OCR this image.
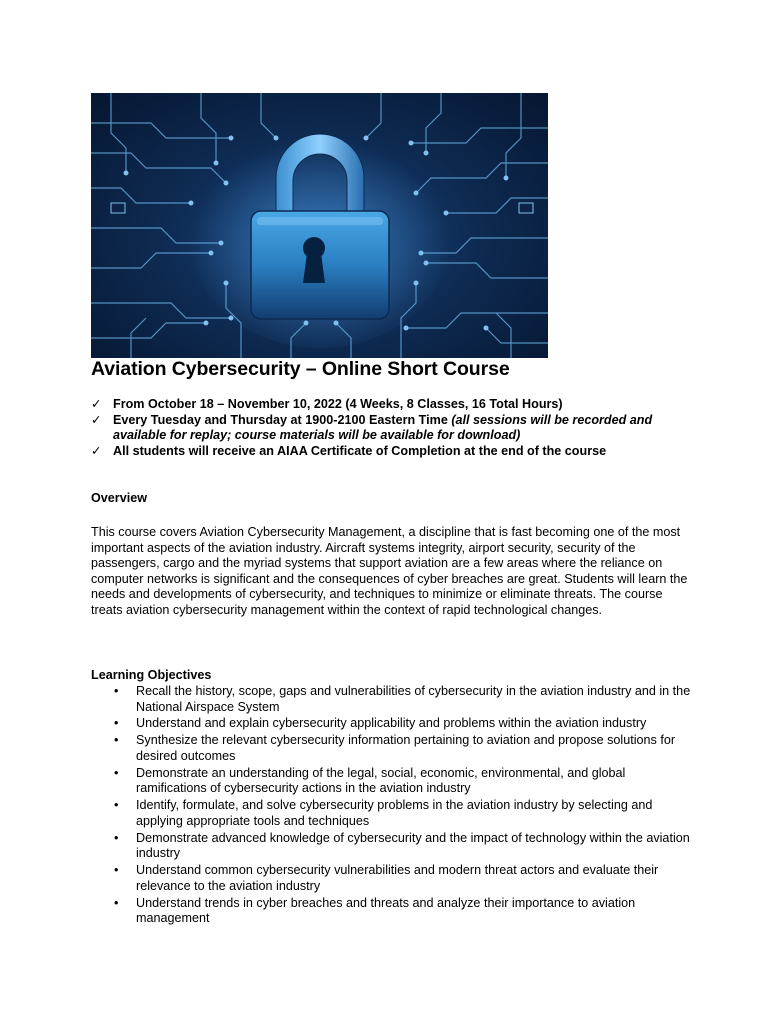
Aviation Cybersecurity – Online Short Course
✓ From October 18 – November 10, 2022 (4 Weeks, 8 Classes, 16 Total Hours)
✓ Every Tuesday and Thursday at 1900-2100 Eastern Time (all sessions will be recorded and available for replay; course materials will be available for download)
✓ All students will receive an AIAA Certificate of Completion at the end of the course
Overview

This course covers Aviation Cybersecurity Management, a discipline that is fast becoming one of the most important aspects of the aviation industry. Aircraft systems integrity, airport security, security of the passengers, cargo and the myriad systems that support aviation are a few areas where the reliance on computer networks is significant and the consequences of cyber breaches are great. Students will learn the needs and developments of cybersecurity, and techniques to minimize or eliminate threats. The course treats aviation cybersecurity management within the context of rapid technological changes.

Learning Objectives
• Recall the history, scope, gaps and vulnerabilities of cybersecurity in the aviation industry and in the National Airspace System
• Understand and explain cybersecurity applicability and problems within the aviation industry
• Synthesize the relevant cybersecurity information pertaining to aviation and propose solutions for desired outcomes
• Demonstrate an understanding of the legal, social, economic, environmental, and global ramifications of cybersecurity actions in the aviation industry
• Identify, formulate, and solve cybersecurity problems in the aviation industry by selecting and applying appropriate tools and techniques
• Demonstrate advanced knowledge of cybersecurity and the impact of technology within the aviation industry
• Understand common cybersecurity vulnerabilities and modern threat actors and evaluate their relevance to the aviation industry
• Understand trends in cyber breaches and threats and analyze their importance to aviation management
